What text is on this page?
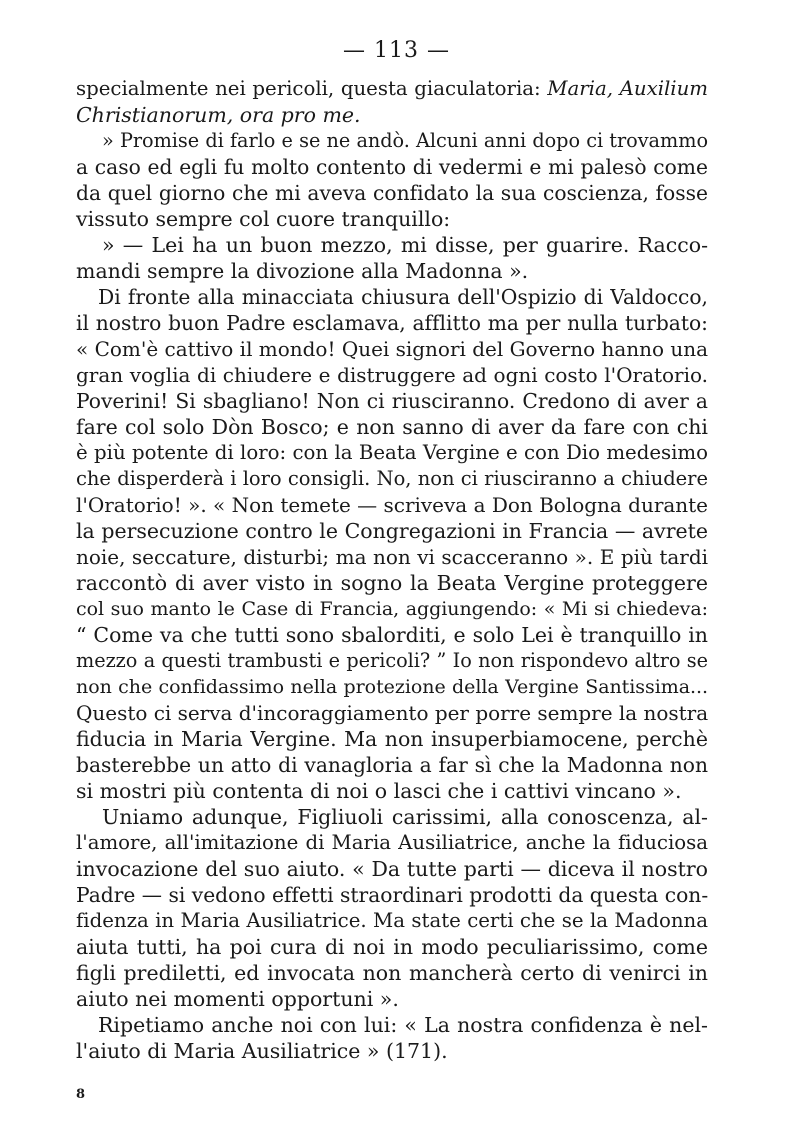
— 113 —
specialmente nei pericoli, questa giaculatoria: Maria, Auxilium
Christianorum, ora pro me.
» Promise di farlo e se ne andò. Alcuni anni dopo ci trovammo
a caso ed egli fu molto contento di vedermi e mi palesò come
da quel giorno che mi aveva confidato la sua coscienza, fosse
vissuto sempre col cuore tranquillo:
» — Lei ha un buon mezzo, mi disse, per guarire. Racco-
mandi sempre la divozione alla Madonna ».
Di fronte alla minacciata chiusura dell'Ospizio di Valdocco,
il nostro buon Padre esclamava, afflitto ma per nulla turbato:
« Com'è cattivo il mondo! Quei signori del Governo hanno una
gran voglia di chiudere e distruggere ad ogni costo l'Oratorio.
Poverini! Si sbagliano! Non ci riusciranno. Credono di aver a
fare col solo Dòn Bosco; e non sanno di aver da fare con chi
è più potente di loro: con la Beata Vergine e con Dio medesimo
che disperderà i loro consigli. No, non ci riusciranno a chiudere
l'Oratorio! ». « Non temete — scriveva a Don Bologna durante
la persecuzione contro le Congregazioni in Francia — avrete
noie, seccature, disturbi; ma non vi scacceranno ». E più tardi
raccontò di aver visto in sogno la Beata Vergine proteggere
col suo manto le Case di Francia, aggiungendo: « Mi si chiedeva:
“ Come va che tutti sono sbalorditi, e solo Lei è tranquillo in
mezzo a questi trambusti e pericoli? ” Io non rispondevo altro se
non che confidassimo nella protezione della Vergine Santissima...
Questo ci serva d'incoraggiamento per porre sempre la nostra
fiducia in Maria Vergine. Ma non insuperbiamocene, perchè
basterebbe un atto di vanagloria a far sì che la Madonna non
si mostri più contenta di noi o lasci che i cattivi vincano ».
Uniamo adunque, Figliuoli carissimi, alla conoscenza, al-
l'amore, all'imitazione di Maria Ausiliatrice, anche la fiduciosa
invocazione del suo aiuto. « Da tutte parti — diceva il nostro
Padre — si vedono effetti straordinari prodotti da questa con-
fidenza in Maria Ausiliatrice. Ma state certi che se la Madonna
aiuta tutti, ha poi cura di noi in modo peculiarissimo, come
figli prediletti, ed invocata non mancherà certo di venirci in
aiuto nei momenti opportuni ».
Ripetiamo anche noi con lui: « La nostra confidenza è nel-
l'aiuto di Maria Ausiliatrice » (171).
8
